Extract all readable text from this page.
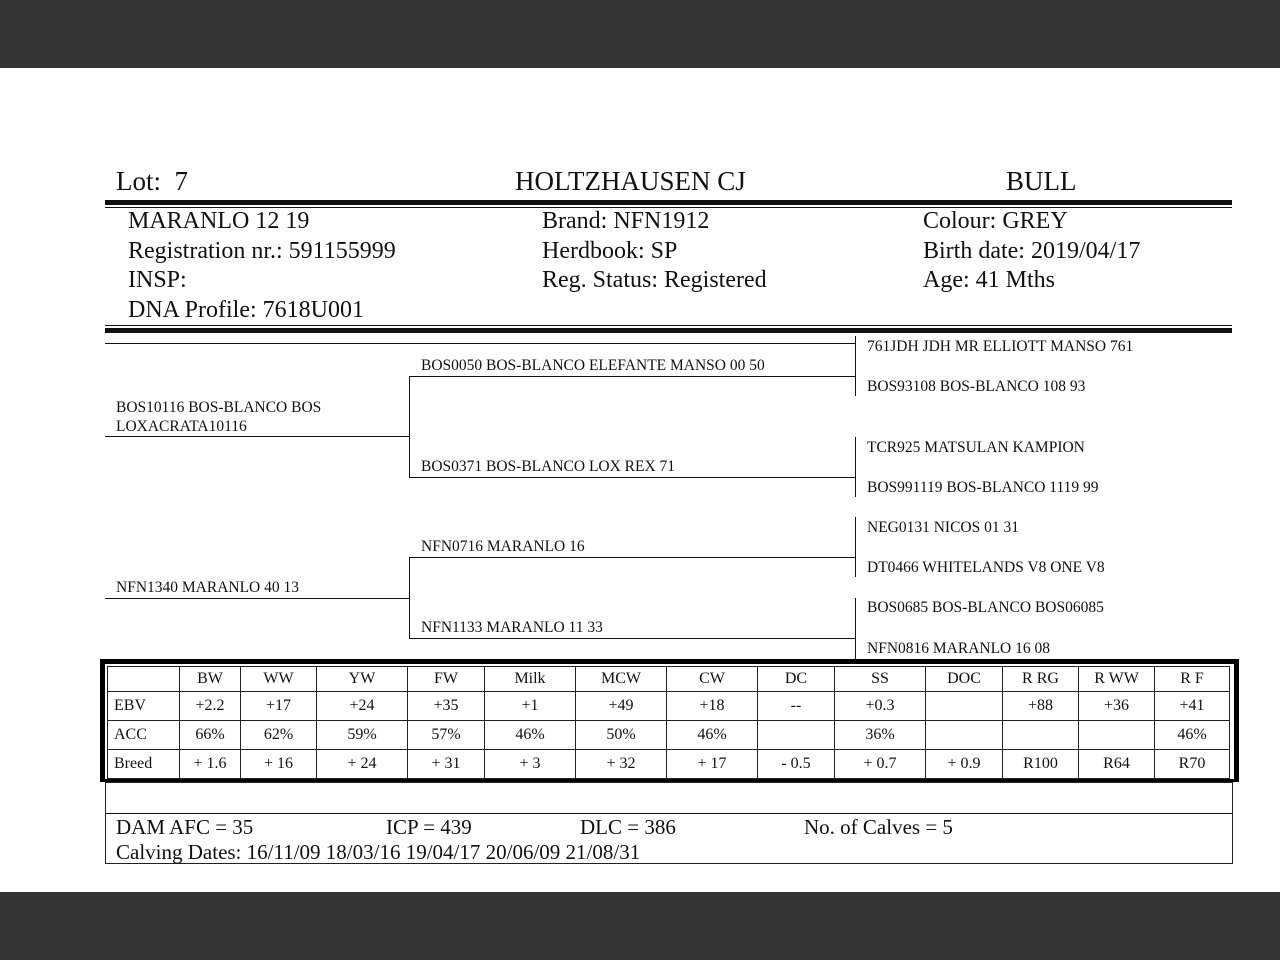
Lot: 7	HOLTZHAUSEN CJ	BULL
MARANLO 12 19
Registration nr.: 591155999
INSP:
DNA Profile: 7618U001
Brand: NFN1912
Herdbook: SP
Reg. Status: Registered
Colour: GREY
Birth date: 2019/04/17
Age: 41 Mths
BOS10116 BOS-BLANCO BOS LOXACRATA10116
BOS0050 BOS-BLANCO ELEFANTE MANSO 00 50
BOS0371 BOS-BLANCO LOX REX 71
NFN1340 MARANLO 40 13
NFN0716 MARANLO 16
NFN1133 MARANLO 11 33
761JDH JDH MR ELLIOTT MANSO 761
BOS93108 BOS-BLANCO 108 93
TCR925 MATSULAN KAMPION
BOS991119 BOS-BLANCO 1119 99
NEG0131 NICOS 01 31
DT0466 WHITELANDS V8 ONE V8
BOS0685 BOS-BLANCO BOS06085
NFN0816 MARANLO 16 08
	BW	WW	YW	FW	Milk	MCW	CW	DC	SS	DOC	R RG	R WW	R F
EBV	+2.2	+17	+24	+35	+1	+49	+18	--	+0.3		+88	+36	+41
ACC	66%	62%	59%	57%	46%	50%	46%		36%				46%
Breed	+ 1.6	+ 16	+ 24	+ 31	+ 3	+ 32	+ 17	- 0.5	+ 0.7	+ 0.9	R100	R64	R70
DAM AFC = 35	ICP = 439	DLC = 386	No. of Calves = 5
Calving Dates: 16/11/09 18/03/16 19/04/17 20/06/09 21/08/31
